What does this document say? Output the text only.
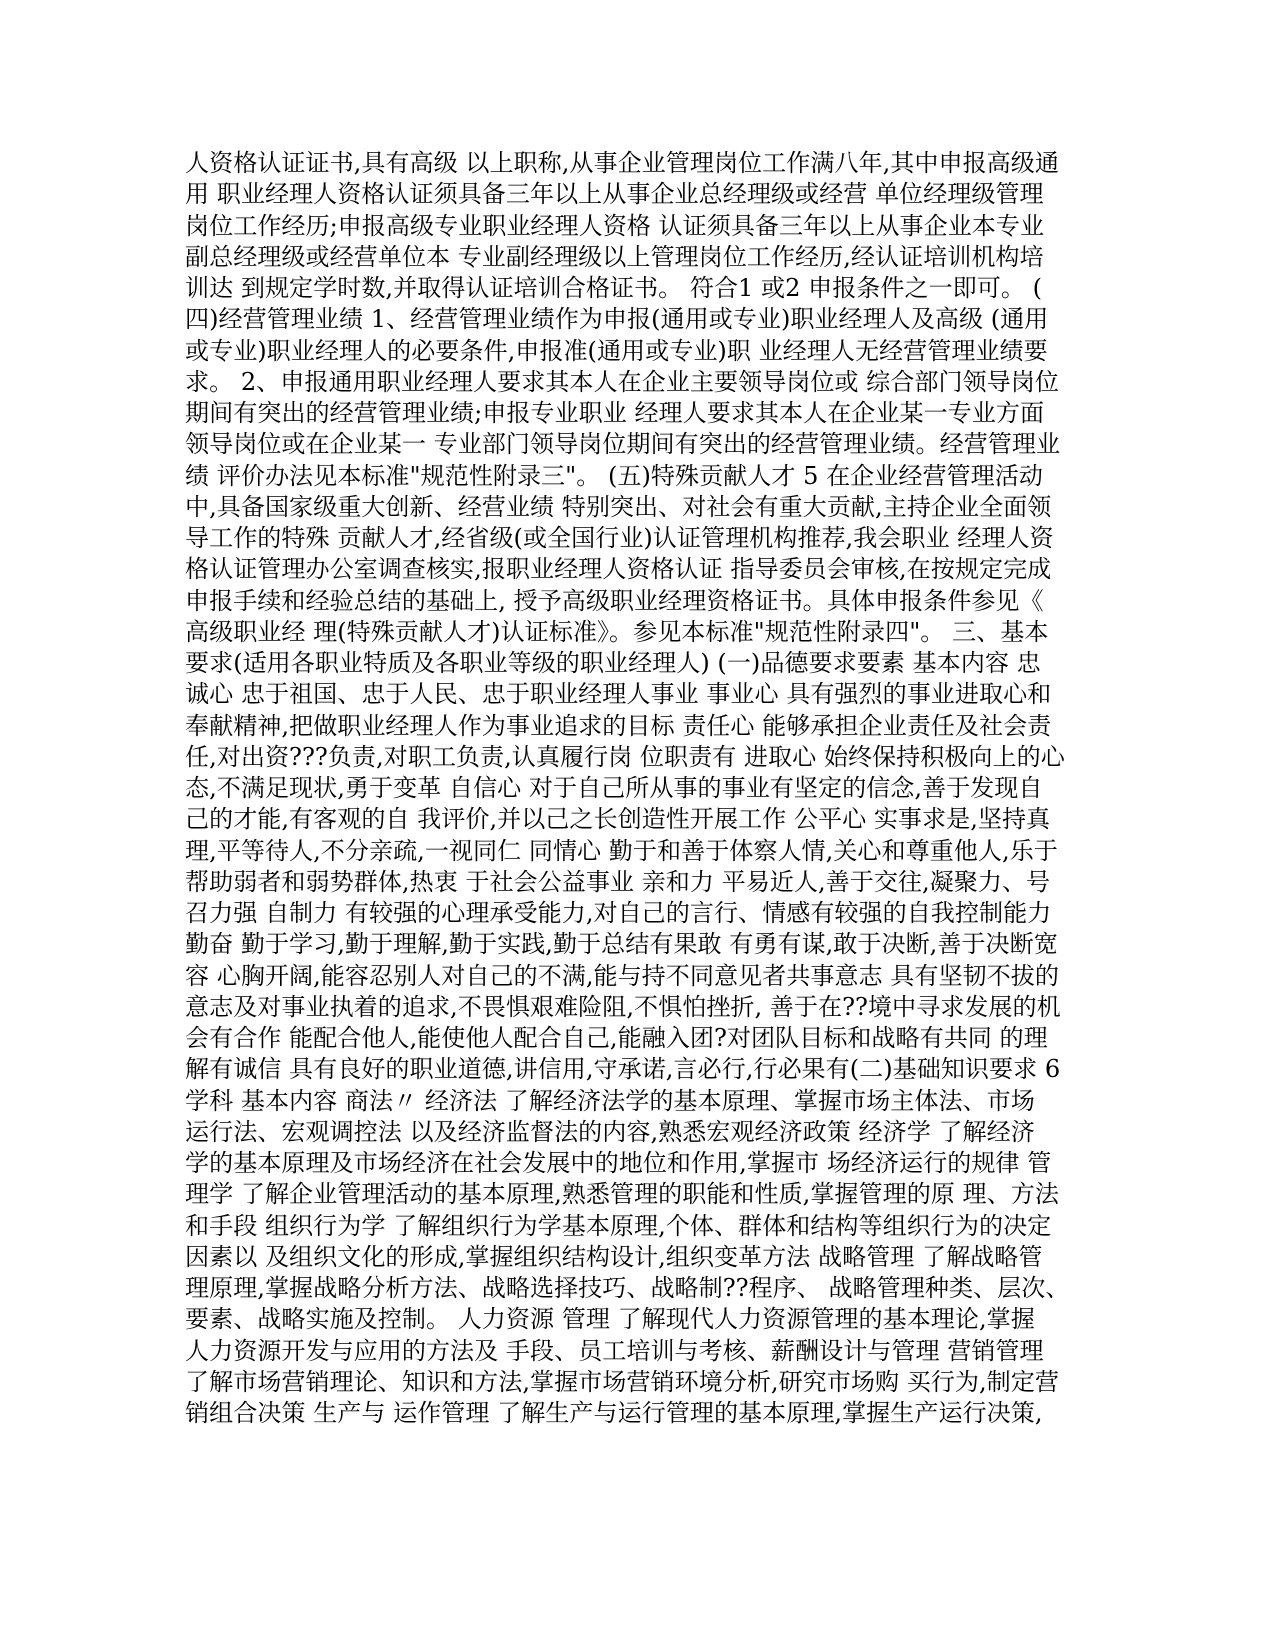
人资格认证证书,具有高级 以上职称,从事企业管理岗位工作满八年,其中申报高级通
用 职业经理人资格认证须具备三年以上从事企业总经理级或经营 单位经理级管理
岗位工作经历;申报高级专业职业经理人资格 认证须具备三年以上从事企业本专业
副总经理级或经营单位本 专业副经理级以上管理岗位工作经历,经认证培训机构培
训达 到规定学时数,并取得认证培训合格证书。 符合1 或2 申报条件之一即可。 (
四)经营管理业绩 1、经营管理业绩作为申报(通用或专业)职业经理人及高级 (通用
或专业)职业经理人的必要条件,申报准(通用或专业)职 业经理人无经营管理业绩要
求。 2、申报通用职业经理人要求其本人在企业主要领导岗位或 综合部门领导岗位
期间有突出的经营管理业绩;申报专业职业 经理人要求其本人在企业某一专业方面
领导岗位或在企业某一 专业部门领导岗位期间有突出的经营管理业绩。经营管理业
绩 评价办法见本标准"规范性附录三"。 (五)特殊贡献人才 5 在企业经营管理活动
中,具备国家级重大创新、经营业绩 特别突出、对社会有重大贡献,主持企业全面领
导工作的特殊 贡献人才,经省级(或全国行业)认证管理机构推荐,我会职业 经理人资
格认证管理办公室调查核实,报职业经理人资格认证 指导委员会审核,在按规定完成
申报手续和经验总结的基础上, 授予高级职业经理资格证书。具体申报条件参见《
高级职业经 理(特殊贡献人才)认证标准》。参见本标准"规范性附录四"。 三、基本
要求(适用各职业特质及各职业等级的职业经理人) (一)品德要求要素 基本内容 忠
诚心 忠于祖国、忠于人民、忠于职业经理人事业 事业心 具有强烈的事业进取心和
奉献精神,把做职业经理人作为事业追求的目标 责任心 能够承担企业责任及社会责
任,对出资???负责,对职工负责,认真履行岗 位职责有 进取心 始终保持积极向上的心
态,不满足现状,勇于变革 自信心 对于自己所从事的事业有坚定的信念,善于发现自
己的才能,有客观的自 我评价,并以己之长创造性开展工作 公平心 实事求是,坚持真
理,平等待人,不分亲疏,一视同仁 同情心 勤于和善于体察人情,关心和尊重他人,乐于
帮助弱者和弱势群体,热衷 于社会公益事业 亲和力 平易近人,善于交往,凝聚力、号
召力强 自制力 有较强的心理承受能力,对自己的言行、情感有较强的自我控制能力
勤奋 勤于学习,勤于理解,勤于实践,勤于总结有果敢 有勇有谋,敢于决断,善于决断宽
容 心胸开阔,能容忍别人对自己的不满,能与持不同意见者共事意志 具有坚韧不拔的
意志及对事业执着的追求,不畏惧艰难险阻,不惧怕挫折, 善于在??境中寻求发展的机
会有合作 能配合他人,能使他人配合自己,能融入团?对团队目标和战略有共同 的理
解有诚信 具有良好的职业道德,讲信用,守承诺,言必行,行必果有(二)基础知识要求 6
学科 基本内容 商法〃 经济法 了解经济法学的基本原理、掌握市场主体法、市场
运行法、宏观调控法 以及经济监督法的内容,熟悉宏观经济政策 经济学 了解经济
学的基本原理及市场经济在社会发展中的地位和作用,掌握市 场经济运行的规律 管
理学 了解企业管理活动的基本原理,熟悉管理的职能和性质,掌握管理的原 理、方法
和手段 组织行为学 了解组织行为学基本原理,个体、群体和结构等组织行为的决定
因素以 及组织文化的形成,掌握组织结构设计,组织变革方法 战略管理 了解战略管
理原理,掌握战略分析方法、战略选择技巧、战略制??程序、 战略管理种类、层次、
要素、战略实施及控制。 人力资源 管理 了解现代人力资源管理的基本理论,掌握
人力资源开发与应用的方法及 手段、员工培训与考核、薪酬设计与管理 营销管理
了解市场营销理论、知识和方法,掌握市场营销环境分析,研究市场购 买行为,制定营
销组合决策 生产与 运作管理 了解生产与运行管理的基本原理,掌握生产运行决策,
